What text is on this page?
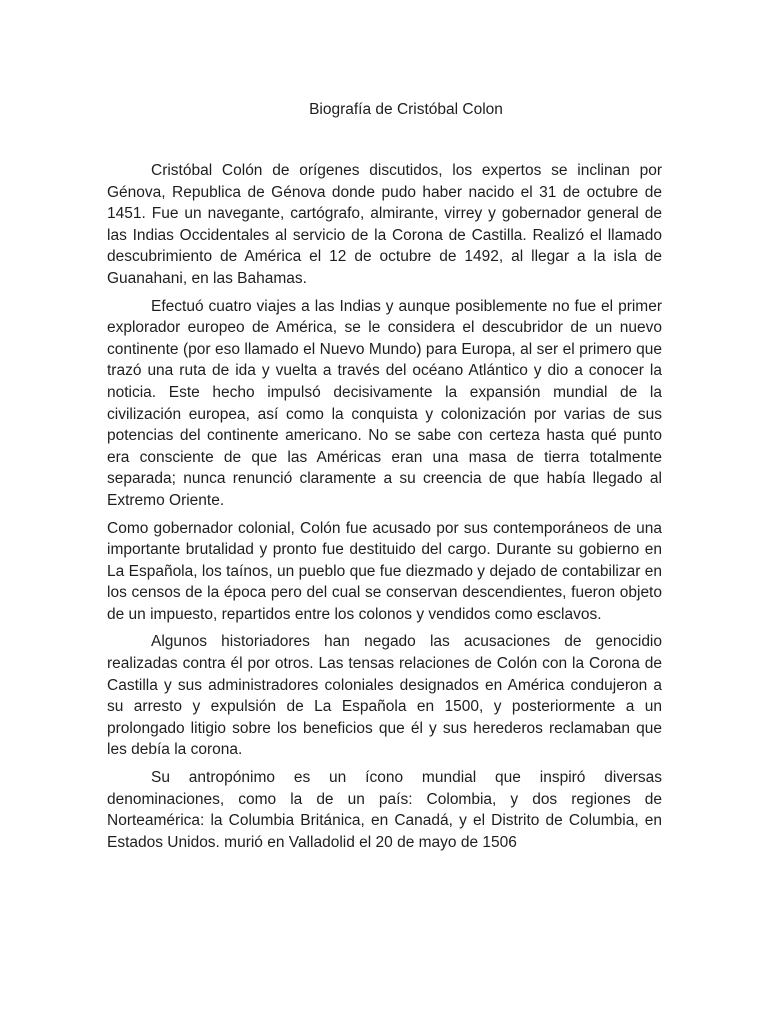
Biografía de Cristóbal Colon

Cristóbal Colón de orígenes discutidos, los expertos se inclinan por Génova, Republica de Génova donde pudo haber nacido el 31 de octubre de 1451. Fue un navegante, cartógrafo, almirante, virrey y gobernador general de las Indias Occidentales al servicio de la Corona de Castilla. Realizó el llamado descubrimiento de América el 12 de octubre de 1492, al llegar a la isla de Guanahani, en las Bahamas.

Efectuó cuatro viajes a las Indias y aunque posiblemente no fue el primer explorador europeo de América, se le considera el descubridor de un nuevo continente (por eso llamado el Nuevo Mundo) para Europa, al ser el primero que trazó una ruta de ida y vuelta a través del océano Atlántico y dio a conocer la noticia. Este hecho impulsó decisivamente la expansión mundial de la civilización europea, así como la conquista y colonización por varias de sus potencias del continente americano. No se sabe con certeza hasta qué punto era consciente de que las Américas eran una masa de tierra totalmente separada; nunca renunció claramente a su creencia de que había llegado al Extremo Oriente.

Como gobernador colonial, Colón fue acusado por sus contemporáneos de una importante brutalidad y pronto fue destituido del cargo. Durante su gobierno en La Española, los taínos, un pueblo que fue diezmado y dejado de contabilizar en los censos de la época pero del cual se conservan descendientes, fueron objeto de un impuesto, repartidos entre los colonos y vendidos como esclavos.

Algunos historiadores han negado las acusaciones de genocidio realizadas contra él por otros. Las tensas relaciones de Colón con la Corona de Castilla y sus administradores coloniales designados en América condujeron a su arresto y expulsión de La Española en 1500, y posteriormente a un prolongado litigio sobre los beneficios que él y sus herederos reclamaban que les debía la corona.

Su antropónimo es un ícono mundial que inspiró diversas denominaciones, como la de un país: Colombia, y dos regiones de Norteamérica: la Columbia Británica, en Canadá, y el Distrito de Columbia, en Estados Unidos. murió en Valladolid el 20 de mayo de 1506
